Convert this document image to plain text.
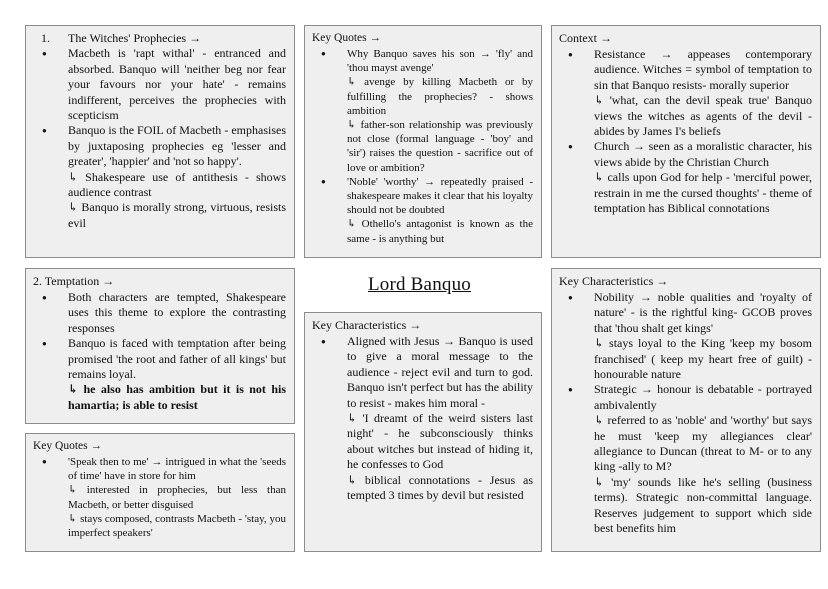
1. The Witches' Prophecies →
● Macbeth is 'rapt withal' - entranced and absorbed. Banquo will 'neither beg nor fear your favours nor your hate' - remains indifferent, perceives the prophecies with scepticism
● Banquo is the FOIL of Macbeth - emphasises by juxtaposing prophecies eg 'lesser and greater', 'happier' and 'not so happy'.
↳ Shakespeare use of antithesis - shows audience contrast
↳ Banquo is morally strong, virtuous, resists evil
Key Quotes →
● Why Banquo saves his son → 'fly' and 'thou mayst avenge'
↳ avenge by killing Macbeth or by fulfilling the prophecies? - shows ambition
↳ father-son relationship was previously not close (formal language - 'boy' and 'sir') raises the question - sacrifice out of love or ambition?
● 'Noble' 'worthy' → repeatedly praised - shakespeare makes it clear that his loyalty should not be doubted
↳ Othello's antagonist is known as the same - is anything but
Context →
● Resistance → appeases contemporary audience. Witches = symbol of temptation to sin that Banquo resists- morally superior
↳ 'what, can the devil speak true' Banquo views the witches as agents of the devil - abides by James I's beliefs
● Church → seen as a moralistic character, his views abide by the Christian Church
↳ calls upon God for help - 'merciful power, restrain in me the cursed thoughts' - theme of temptation has Biblical connotations
2. Temptation →
● Both characters are tempted, Shakespeare uses this theme to explore the contrasting responses
● Banquo is faced with temptation after being promised 'the root and father of all kings' but remains loyal.
↳ he also has ambition but it is not his hamartia; is able to resist
Lord Banquo
Key Quotes →
● 'Speak then to me' → intrigued in what the 'seeds of time' have in store for him
↳ interested in prophecies, but less than Macbeth, or better disguised
↳ stays composed, contrasts Macbeth - 'stay, you imperfect speakers'
Key Characteristics →
● Aligned with Jesus → Banquo is used to give a moral message to the audience - reject evil and turn to god. Banquo isn't perfect but has the ability to resist - makes him moral -
↳ 'I dreamt of the weird sisters last night' - he subconsciously thinks about witches but instead of hiding it, he confesses to God
↳ biblical connotations - Jesus as tempted 3 times by devil but resisted
Key Characteristics →
● Nobility → noble qualities and 'royalty of nature' - is the rightful king- GCOB proves that 'thou shalt get kings'
↳ stays loyal to the King 'keep my bosom franchised' ( keep my heart free of guilt) - honourable nature
● Strategic → honour is debatable - portrayed ambivalently
↳ referred to as 'noble' and 'worthy' but says he must 'keep my allegiances clear' allegiance to Duncan (threat to M- or to any king -ally to M?
↳ 'my' sounds like he's selling (business terms). Strategic non-committal language. Reserves judgement to support which side best benefits him
